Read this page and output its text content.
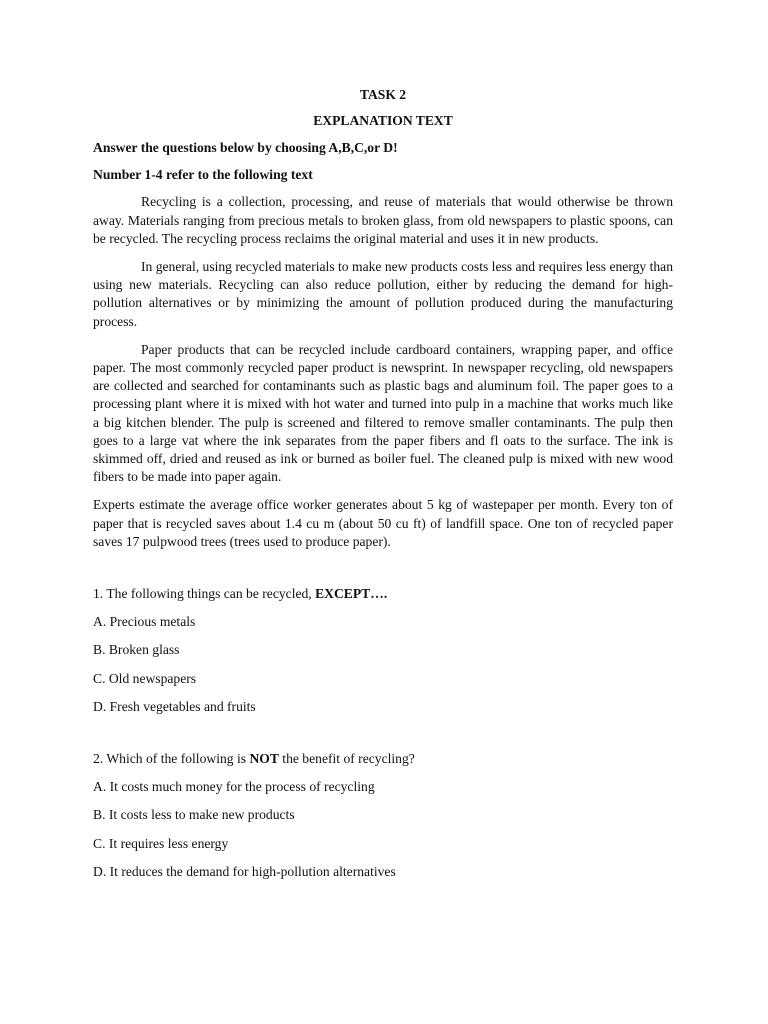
TASK 2
EXPLANATION TEXT
Answer the questions below by choosing A,B,C,or D!
Number 1-4 refer to the following text

Recycling is a collection, processing, and reuse of materials that would otherwise be thrown away. Materials ranging from precious metals to broken glass, from old newspapers to plastic spoons, can be recycled. The recycling process reclaims the original material and uses it in new products.

In general, using recycled materials to make new products costs less and requires less energy than using new materials. Recycling can also reduce pollution, either by reducing the demand for high-pollution alternatives or by minimizing the amount of pollution produced during the manufacturing process.

Paper products that can be recycled include cardboard containers, wrapping paper, and office paper. The most commonly recycled paper product is newsprint. In newspaper recycling, old newspapers are collected and searched for contaminants such as plastic bags and aluminum foil. The paper goes to a processing plant where it is mixed with hot water and turned into pulp in a machine that works much like a big kitchen blender. The pulp is screened and filtered to remove smaller contaminants. The pulp then goes to a large vat where the ink separates from the paper fibers and fl oats to the surface. The ink is skimmed off, dried and reused as ink or burned as boiler fuel. The cleaned pulp is mixed with new wood fibers to be made into paper again.

Experts estimate the average office worker generates about 5 kg of wastepaper per month. Every ton of paper that is recycled saves about 1.4 cu m (about 50 cu ft) of landfill space. One ton of recycled paper saves 17 pulpwood trees (trees used to produce paper).

1. The following things can be recycled, EXCEPT….
A. Precious metals
B. Broken glass
C. Old newspapers
D. Fresh vegetables and fruits
2. Which of the following is NOT the benefit of recycling?
A. It costs much money for the process of recycling
B. It costs less to make new products
C. It requires less energy
D. It reduces the demand for high-pollution alternatives
